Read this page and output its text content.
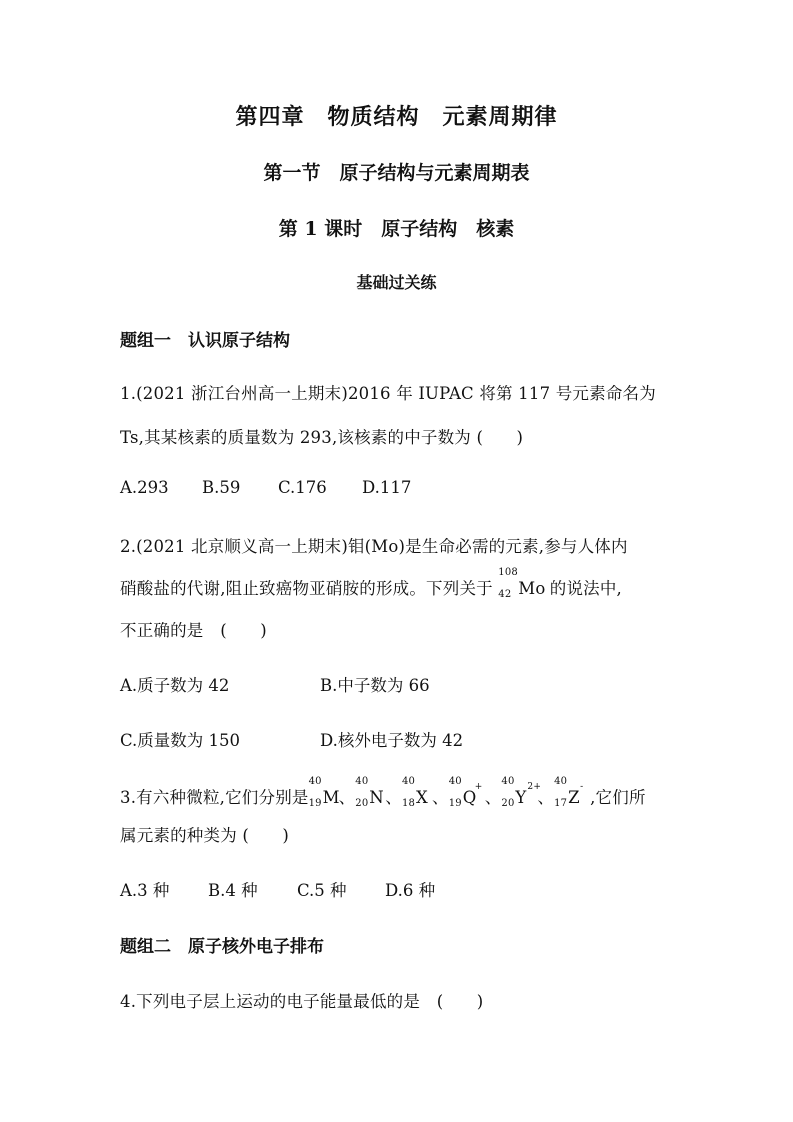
第四章　物质结构　元素周期律
第一节　原子结构与元素周期表
第 1 课时　原子结构　核素
基础过关练
题组一　认识原子结构
1.(2021 浙江台州高一上期末)2016 年 IUPAC 将第 117 号元素命名为
Ts,其某核素的质量数为 293,该核素的中子数为 (　　)
A.293 B.59 C.176 D.117
2.(2021 北京顺义高一上期末)钼(Mo)是生命必需的元素,参与人体内
硝酸盐的代谢,阻止致癌物亚硝胺的形成。下列关于
108
42 Mo 的说法中,
不正确的是　(　　)
A.质子数为 42	B.中子数为 66
C.质量数为 150	D.核外电子数为 42
3.有六种微粒,它们分别是
40
19 M、
40
20 N、
40
18 X 、
40
19 Q
+
、
40
20 Y
2+
、
40
17 Z
-
,它们所
属元素的种类为 (　　)
A.3 种 B.4 种 C.5 种 D.6 种
题组二　原子核外电子排布
4.下列电子层上运动的电子能量最低的是　(　　)
